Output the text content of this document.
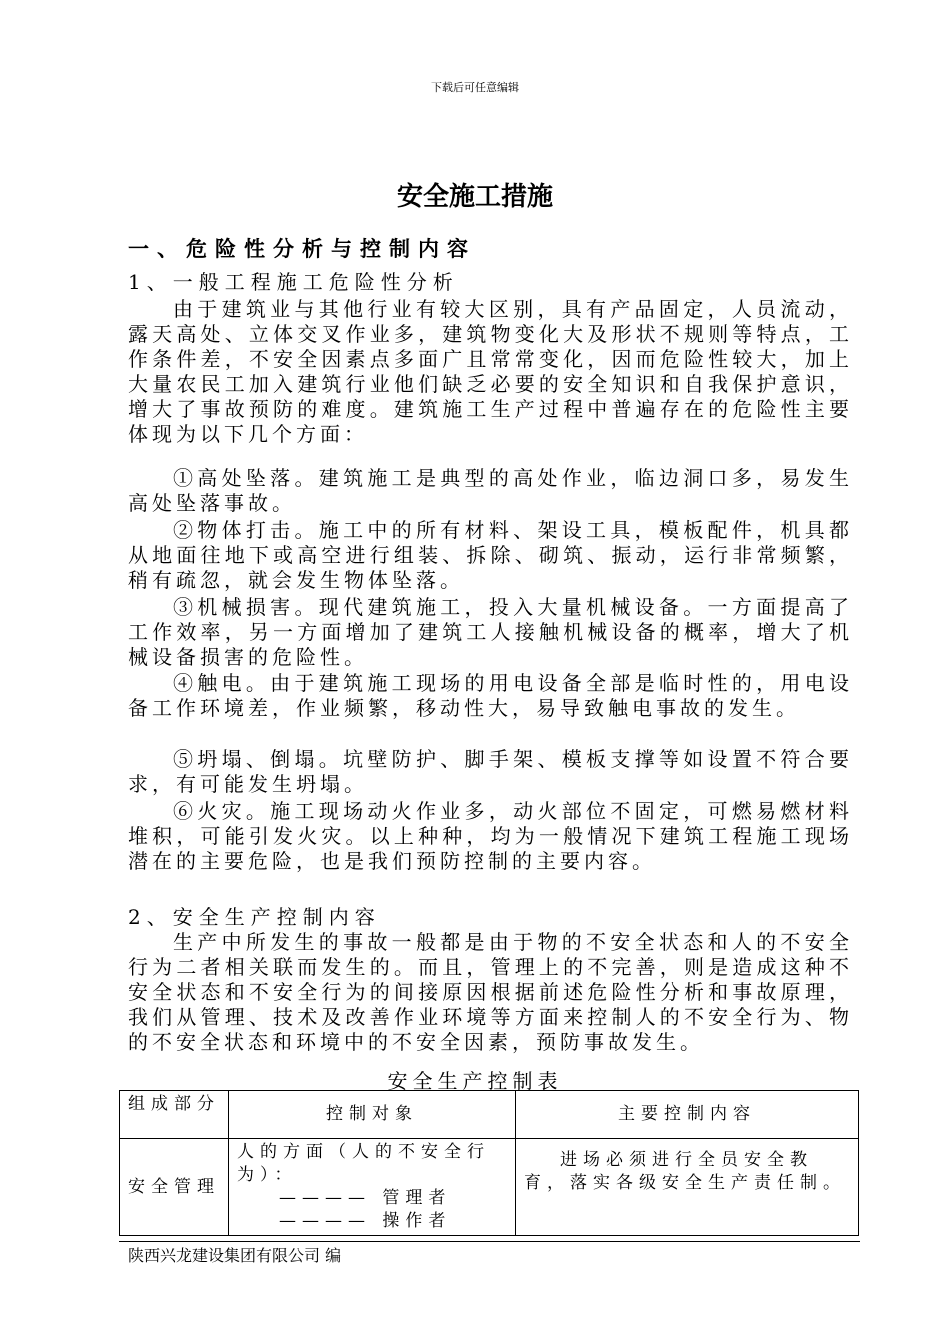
下载后可任意编辑
安全施工措施
一、危险性分析与控制内容
1、一般工程施工危险性分析
由于建筑业与其他行业有较大区别，具有产品固定，人员流动，露天高处、立体交叉作业多，建筑物变化大及形状不规则等特点，工作条件差，不安全因素点多面广且常常变化，因而危险性较大，加上大量农民工加入建筑行业他们缺乏必要的安全知识和自我保护意识，增大了事故预防的难度。建筑施工生产过程中普遍存在的危险性主要体现为以下几个方面：
①高处坠落。建筑施工是典型的高处作业，临边洞口多，易发生高处坠落事故。
②物体打击。施工中的所有材料、架设工具，模板配件，机具都从地面往地下或高空进行组装、拆除、砌筑、振动，运行非常频繁，稍有疏忽，就会发生物体坠落。
③机械损害。现代建筑施工，投入大量机械设备。一方面提高了工作效率，另一方面增加了建筑工人接触机械设备的概率，增大了机械设备损害的危险性。
④触电。由于建筑施工现场的用电设备全部是临时性的，用电设备工作环境差，作业频繁，移动性大，易导致触电事故的发生。
⑤坍塌、倒塌。坑壁防护、脚手架、模板支撑等如设置不符合要求，有可能发生坍塌。
⑥火灾。施工现场动火作业多，动火部位不固定，可燃易燃材料堆积，可能引发火灾。以上种种，均为一般情况下建筑工程施工现场潜在的主要危险，也是我们预防控制的主要内容。
2、安全生产控制内容
生产中所发生的事故一般都是由于物的不安全状态和人的不安全行为二者相关联而发生的。而且，管理上的不完善，则是造成这种不安全状态和不安全行为的间接原因根据前述危险性分析和事故原理，我们从管理、技术及改善作业环境等方面来控制人的不安全行为、物的不安全状态和环境中的不安全因素，预防事故发生。
安全生产控制表
组成部分	控制对象	主要控制内容
安全管理	人的方面（人的不安全行为）：
———— 管理者
———— 操作者	进场必须进行全员安全教育，落实各级安全生产责任制。
陕西兴龙建设集团有限公司 编
